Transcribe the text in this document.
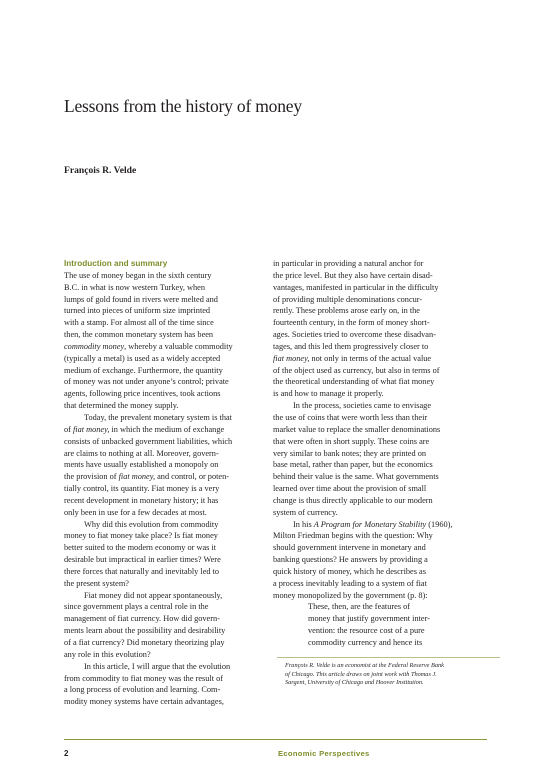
Lessons from the history of money
François R. Velde
Introduction and summary
The use of money began in the sixth century
B.C. in what is now western Turkey, when
lumps of gold found in rivers were melted and
turned into pieces of uniform size imprinted
with a stamp. For almost all of the time since
then, the common monetary system has been
commodity money, whereby a valuable commodity
(typically a metal) is used as a widely accepted
medium of exchange. Furthermore, the quantity
of money was not under anyone’s control; private
agents, following price incentives, took actions
that determined the money supply.
Today, the prevalent monetary system is that
of fiat money, in which the medium of exchange
consists of unbacked government liabilities, which
are claims to nothing at all. Moreover, govern-
ments have usually established a monopoly on
the provision of fiat money, and control, or poten-
tially control, its quantity. Fiat money is a very
recent development in monetary history; it has
only been in use for a few decades at most.
Why did this evolution from commodity
money to fiat money take place? Is fiat money
better suited to the modern economy or was it
desirable but impractical in earlier times? Were
there forces that naturally and inevitably led to
the present system?
Fiat money did not appear spontaneously,
since government plays a central role in the
management of fiat currency. How did govern-
ments learn about the possibility and desirability
of a fiat currency? Did monetary theorizing play
any role in this evolution?
In this article, I will argue that the evolution
from commodity to fiat money was the result of
a long process of evolution and learning. Com-
modity money systems have certain advantages,
in particular in providing a natural anchor for
the price level. But they also have certain disad-
vantages, manifested in particular in the difficulty
of providing multiple denominations concur-
rently. These problems arose early on, in the
fourteenth century, in the form of money short-
ages. Societies tried to overcome these disadvan-
tages, and this led them progressively closer to
fiat money, not only in terms of the actual value
of the object used as currency, but also in terms of
the theoretical understanding of what fiat money
is and how to manage it properly.
In the process, societies came to envisage
the use of coins that were worth less than their
market value to replace the smaller denominations
that were often in short supply. These coins are
very similar to bank notes; they are printed on
base metal, rather than paper, but the economics
behind their value is the same. What governments
learned over time about the provision of small
change is thus directly applicable to our modern
system of currency.
In his A Program for Monetary Stability (1960),
Milton Friedman begins with the question: Why
should government intervene in monetary and
banking questions? He answers by providing a
quick history of money, which he describes as
a process inevitably leading to a system of fiat
money monopolized by the government (p. 8):
These, then, are the features of
money that justify government inter-
vention: the resource cost of a pure
commodity currency and hence its
François R. Velde is an economist at the Federal Reserve Bank
of Chicago. This article draws on joint work with Thomas J.
Sargent, University of Chicago and Hoover Institution.
2	Economic Perspectives
